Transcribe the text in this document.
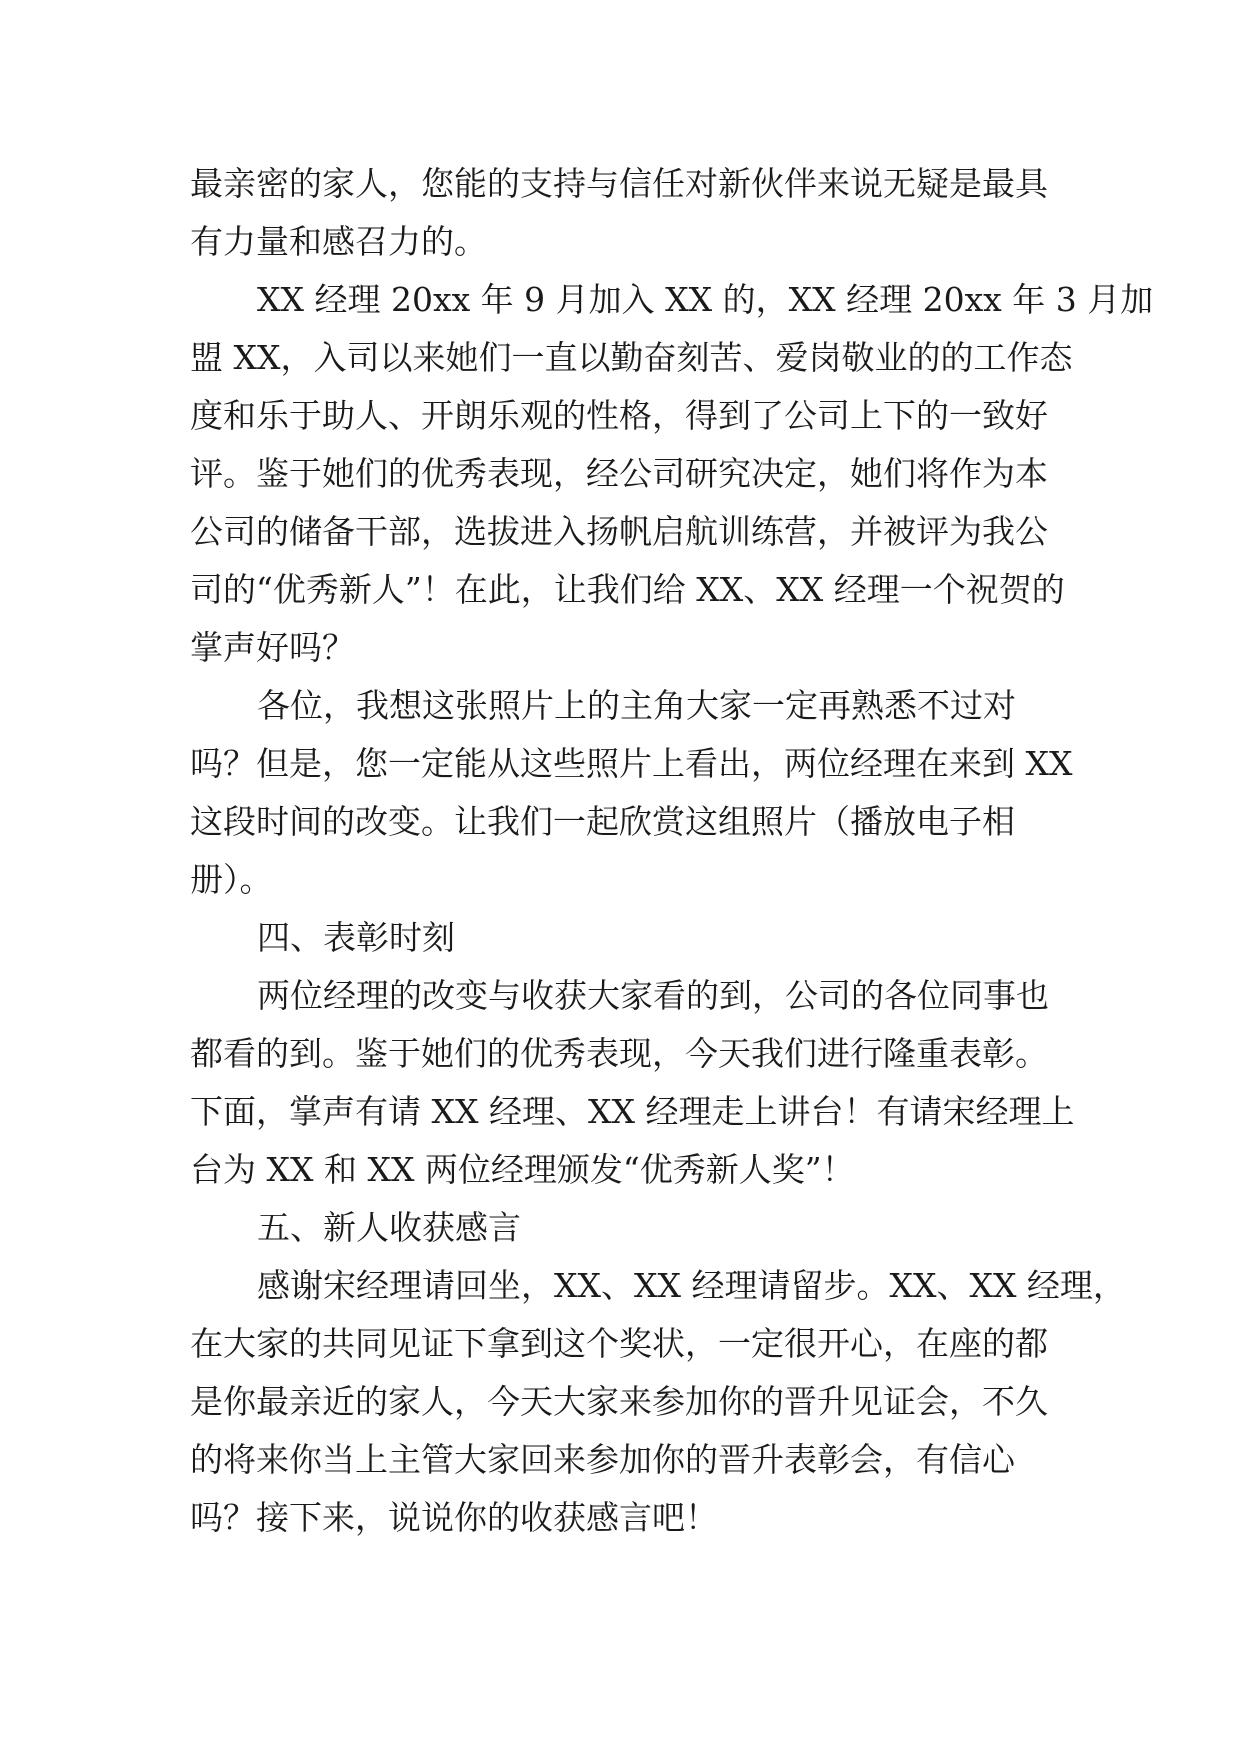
最亲密的家人，您能的支持与信任对新伙伴来说无疑是最具
有力量和感召力的。
XX 经理 20xx 年 9 月加入 XX 的，XX 经理 20xx 年 3 月加
盟 XX，入司以来她们一直以勤奋刻苦、爱岗敬业的的工作态
度和乐于助人、开朗乐观的性格，得到了公司上下的一致好
评。鉴于她们的优秀表现，经公司研究决定，她们将作为本
公司的储备干部，选拔进入扬帆启航训练营，并被评为我公
司的“优秀新人”！在此，让我们给 XX、XX 经理一个祝贺的
掌声好吗？
各位，我想这张照片上的主角大家一定再熟悉不过对
吗？但是，您一定能从这些照片上看出，两位经理在来到 XX
这段时间的改变。让我们一起欣赏这组照片（播放电子相
册）。
四、表彰时刻
两位经理的改变与收获大家看的到，公司的各位同事也
都看的到。鉴于她们的优秀表现，今天我们进行隆重表彰。
下面，掌声有请 XX 经理、XX 经理走上讲台！有请宋经理上
台为 XX 和 XX 两位经理颁发“优秀新人奖”！
五、新人收获感言
感谢宋经理请回坐，XX、XX 经理请留步。XX、XX 经理，
在大家的共同见证下拿到这个奖状，一定很开心，在座的都
是你最亲近的家人，今天大家来参加你的晋升见证会，不久
的将来你当上主管大家回来参加你的晋升表彰会，有信心
吗？接下来，说说你的收获感言吧！
